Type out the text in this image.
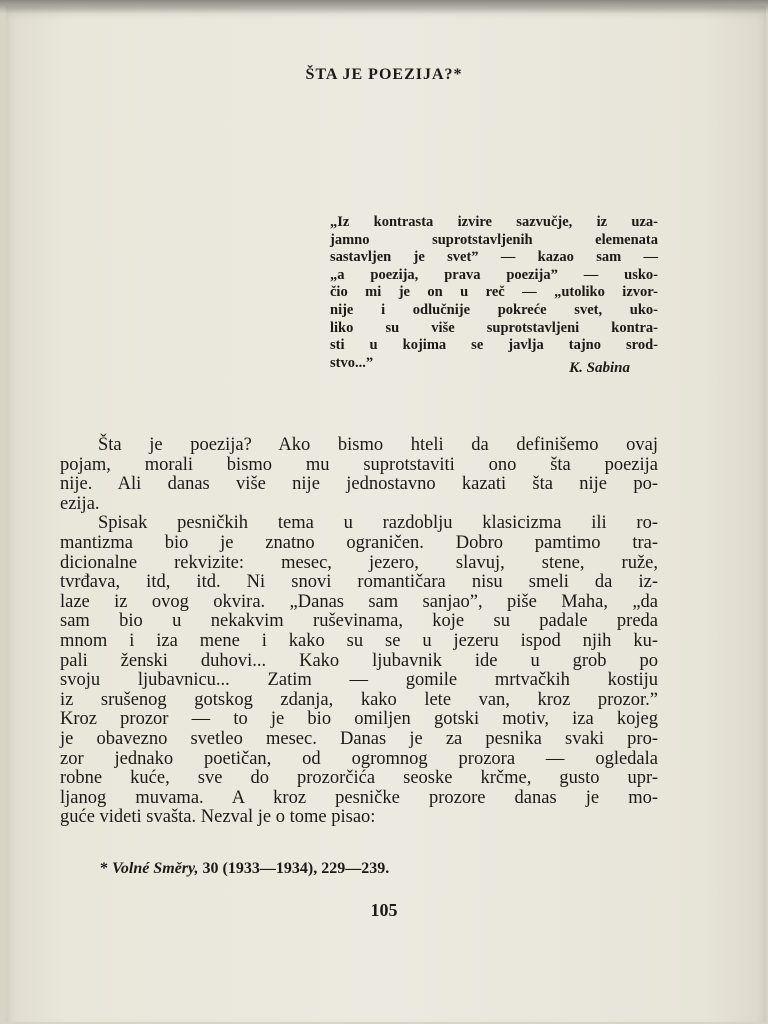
ŠTA JE POEZIJA?*
„Iz kontrasta izvire sazvučje, iz uza-
jamno suprotstavljenih elemenata
sastavljen je svet” — kazao sam —
„a poezija, prava poezija” — usko-
čio mi je on u reč — „utoliko izvor-
nije i odlučnije pokreće svet, uko-
liko su više suprotstavljeni kontra-
sti u kojima se javlja tajno srod-
stvo...”	K. Sabina
Šta je poezija? Ako bismo hteli da definišemo ovaj
pojam, morali bismo mu suprotstaviti ono šta poezija
nije. Ali danas više nije jednostavno kazati šta nije po-
ezija.
Spisak pesničkih tema u razdoblju klasicizma ili ro-
mantizma bio je znatno ograničen. Dobro pamtimo tra-
dicionalne rekvizite: mesec, jezero, slavuj, stene, ruže,
tvrđava, itd, itd. Ni snovi romantičara nisu smeli da iz-
laze iz ovog okvira. „Danas sam sanjao”, piše Maha, „da
sam bio u nekakvim ruševinama, koje su padale preda
mnom i iza mene i kako su se u jezeru ispod njih ku-
pali ženski duhovi... Kako ljubavnik ide u grob po
svoju ljubavnicu... Zatim — gomile mrtvačkih kostiju
iz srušenog gotskog zdanja, kako lete van, kroz prozor.”
Kroz prozor — to je bio omiljen gotski motiv, iza kojeg
je obavezno svetleo mesec. Danas je za pesnika svaki pro-
zor jednako poetičan, od ogromnog prozora — ogledala
robne kuće, sve do prozorčića seoske krčme, gusto upr-
ljanog muvama. A kroz pesničke prozore danas je mo-
guće videti svašta. Nezval je o tome pisao:
* Volné Směry, 30 (1933—1934), 229—239.
105
